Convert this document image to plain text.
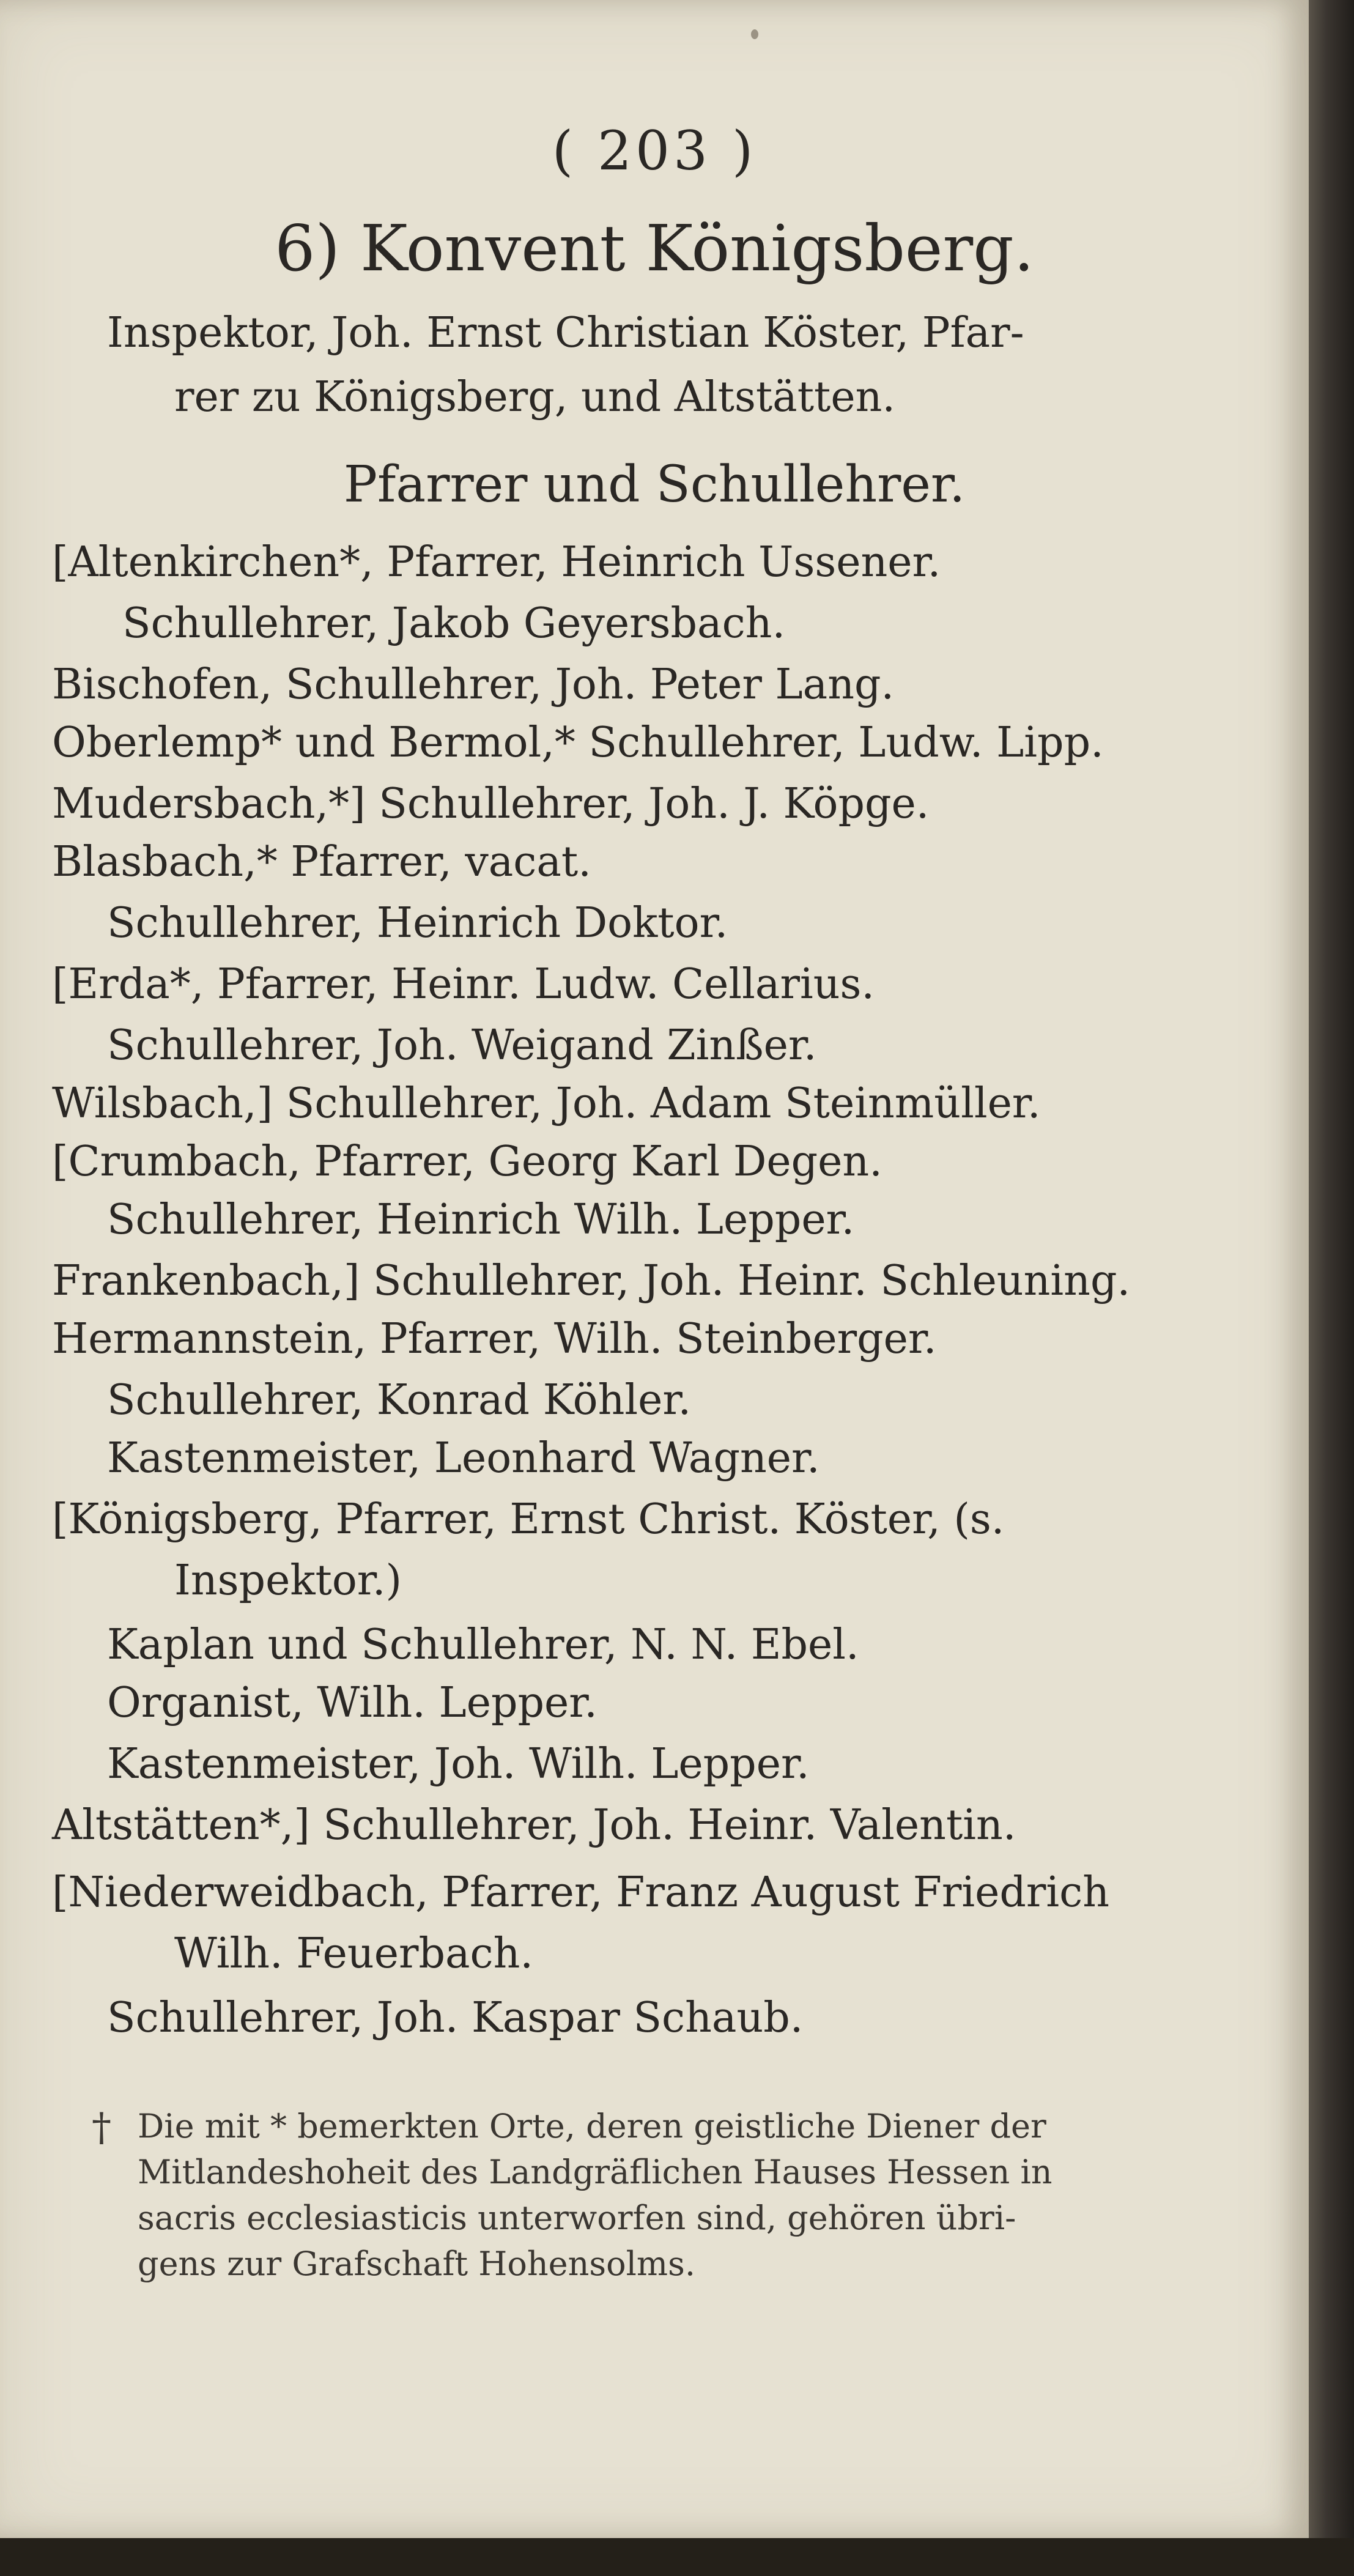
( 203 )
6) Konvent Königsberg.
Inspektor, Joh. Ernst Christian Köster, Pfar-
rer zu Königsberg, und Altstätten.
Pfarrer und Schullehrer.
[Altenkirchen*, Pfarrer, Heinrich Ussener.
Schullehrer, Jakob Geyersbach.
Bischofen, Schullehrer, Joh. Peter Lang.
Oberlemp* und Bermol,* Schullehrer, Ludw. Lipp.
Mudersbach,*] Schullehrer, Joh. J. Köpge.
Blasbach,* Pfarrer, vacat.
Schullehrer, Heinrich Doktor.
[Erda*, Pfarrer, Heinr. Ludw. Cellarius.
Schullehrer, Joh. Weigand Zinßer.
Wilsbach,] Schullehrer, Joh. Adam Steinmüller.
[Crumbach, Pfarrer, Georg Karl Degen.
Schullehrer, Heinrich Wilh. Lepper.
Frankenbach,] Schullehrer, Joh. Heinr. Schleuning.
Hermannstein, Pfarrer, Wilh. Steinberger.
Schullehrer, Konrad Köhler.
Kastenmeister, Leonhard Wagner.
[Königsberg, Pfarrer, Ernst Christ. Köster, (s.
Inspektor.)
Kaplan und Schullehrer, N. N. Ebel.
Organist, Wilh. Lepper.
Kastenmeister, Joh. Wilh. Lepper.
Altstätten*,] Schullehrer, Joh. Heinr. Valentin.
[Niederweidbach, Pfarrer, Franz August Friedrich
Wilh. Feuerbach.
Schullehrer, Joh. Kaspar Schaub.
† Die mit * bemerkten Orte, deren geistliche Diener der
Mitlandeshoheit des Landgräflichen Hauses Hessen in
sacris ecclesiasticis unterworfen sind, gehören übri-
gens zur Grafschaft Hohensolms.
